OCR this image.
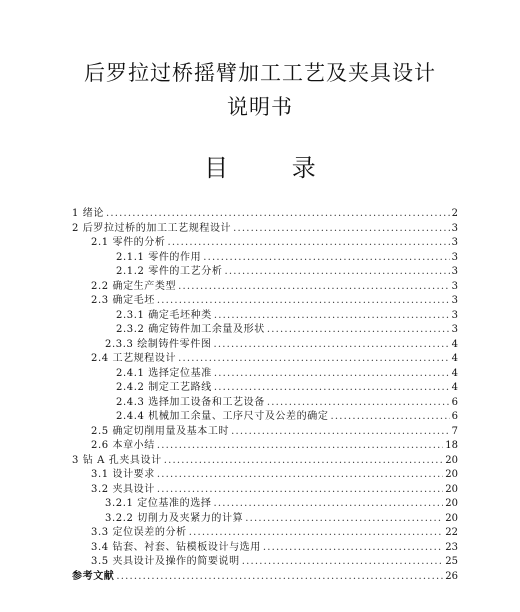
后罗拉过桥摇臂加工工艺及夹具设计
说明书
目 录
1 绪论 .....	2
2 后罗拉过桥的加工工艺规程设计 .....	3
2.1 零件的分析 .....	3
2.1.1 零件的作用 .....	3
2.1.2 零件的工艺分析 .....	3
2.2 确定生产类型 .....	3
2.3 确定毛坯 .....	3
2.3.1 确定毛坯种类 .....	3
2.3.2 确定铸件加工余量及形状 .....	3
2.3.3 绘制铸件零件图 .....	4
2.4 工艺规程设计 .....	4
2.4.1 选择定位基准 .....	4
2.4.2 制定工艺路线 .....	4
2.4.3 选择加工设备和工艺设备 .....	6
2.4.4 机械加工余量、工序尺寸及公差的确定 .....	6
2.5 确定切削用量及基本工时 .....	7
2.6 本章小结 .....	18
3 钻 A 孔夹具设计 .....	20
3.1 设计要求 .....	20
3.2 夹具设计 .....	20
3.2.1 定位基准的选择 .....	20
3.2.2 切削力及夹紧力的计算 .....	20
3.3 定位误差的分析 .....	22
3.4 钻套、衬套、钻模板设计与选用 .....	23
3.5 夹具设计及操作的简要说明 .....	25
参考文献 .....	26
